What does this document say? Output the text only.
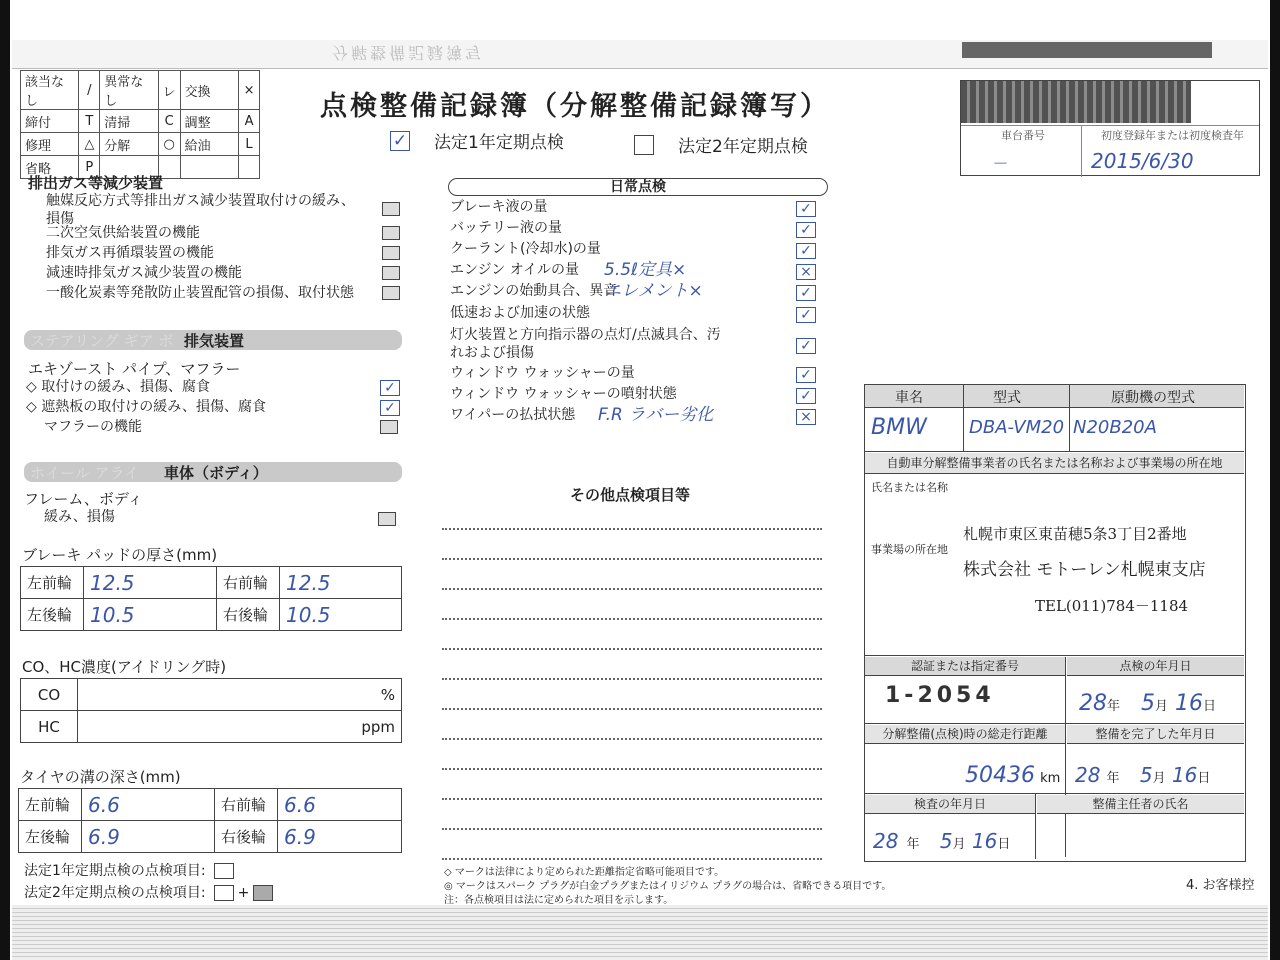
分解整備記録簿写
該当なし	/	異常なし	レ	交換	×
締付	T	清掃	C	調整	A
修理	△	分解	○	給油	L
省略	P				
点検整備記録簿（分解整備記録簿写）
✓ 法定1年定期点検	法定2年定期点検
車台番号	初度登録年または初度検査年
－	2015/6/30
排出ガス等減少装置
触媒反応方式等排出ガス減少装置取付けの緩み、損傷
二次空気供給装置の機能
排気ガス再循環装置の機能
減速時排気ガス減少装置の機能
一酸化炭素等発散防止装置配管の損傷、取付状態
ステアリング ギア ボ 排気装置
エキゾースト パイプ、マフラー
◇ 取付けの緩み、損傷、腐食	✓
◇ 遮熱板の取付けの緩み、損傷、腐食	✓
マフラーの機能
ホイール アライ 車体（ボディ）
フレーム、ボディ
緩み、損傷
ブレーキ パッドの厚さ(mm)
左前輪	12.5	右前輪	12.5
左後輪	10.5	右後輪	10.5
CO、HC濃度(アイドリング時)
CO	%
HC	ppm
タイヤの溝の深さ(mm)
左前輪	6.6	右前輪	6.6
左後輪	6.9	右後輪	6.9
法定1年定期点検の点検項目:
法定2年定期点検の点検項目: +
日常点検
ブレーキ液の量	✓
バッテリー液の量	✓
クーラント(冷却水)の量	✓
エンジン オイルの量	5.5ℓ定具×	×
エンジンの始動具合、異音
エレメント×	✓
低速および加速の状態	✓
灯火装置と方向指示器の点灯/点滅具合、汚れおよび損傷	✓
ウィンドウ ウォッシャーの量	✓
ウィンドウ ウォッシャーの噴射状態	✓
ワイパーの払拭状態	F.R ラバー劣化	×
その他点検項目等
◇ マークは法律により定められた距離指定省略可能項目です。
◎ マークはスパーク プラグが白金プラグまたはイリジウム プラグの場合は、省略できる項目です。
注：各点検項目は法に定められた項目を示します。
車名	型式	原動機の型式
BMW DBA-VM20 N20B20A
自動車分解整備事業者の氏名または名称および事業場の所在地
氏名または名称
事業場の所在地
札幌市東区東苗穂5条3丁目2番地
株式会社 モトーレン札幌東支店
TEL(011)784－1184
認証または指定番号	点検の年月日
1-2054	28年 5月 16日
分解整備(点検)時の総走行距離	整備を完了した年月日
50436 km 28 年 5月 16日
検査の年月日	整備主任者の氏名
28 年 5月 16日
4. お客様控
